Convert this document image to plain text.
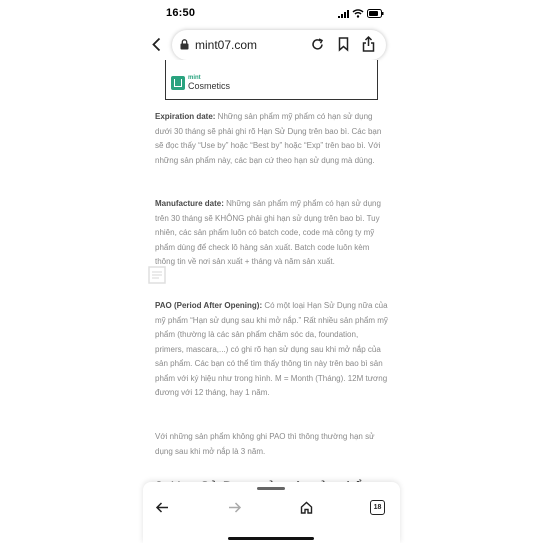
16:50
mint07.com
mint
Cosmetics
Expiration date: Những sản phẩm mỹ phẩm có hạn sử dụng dưới 30 tháng sẽ phải ghi rõ Hạn Sử Dụng trên bao bì. Các bạn sẽ đọc thấy “Use by” hoặc “Best by” hoặc “Exp” trên bao bì. Với những sản phẩm này, các bạn cứ theo hạn sử dụng mà dùng.
Manufacture date: Những sản phẩm mỹ phẩm có hạn sử dụng trên 30 tháng sẽ KHÔNG phải ghi hạn sử dụng trên bao bì. Tuy nhiên, các sản phẩm luôn có batch code, code mà công ty mỹ phẩm dùng để check lô hàng sản xuất. Batch code luôn kèm thông tin về nơi sản xuất + tháng và năm sản xuất.
PAO (Period After Opening): Có một loại Hạn Sử Dụng nữa của mỹ phẩm “Hạn sử dụng sau khi mở nắp.” Rất nhiều sản phẩm mỹ phẩm (thường là các sản phẩm chăm sóc da, foundation, primers, mascara,...) có ghi rõ hạn sử dụng sau khi mở nắp của sản phẩm. Các bạn có thể tìm thấy thông tin này trên bao bì sản phẩm với ký hiệu như trong hình. M = Month (Tháng). 12M tương đương với 12 tháng, hay 1 năm.
Với những sản phẩm không ghi PAO thì thông thường hạn sử dụng sau khi mở nắp là 3 năm.
18
